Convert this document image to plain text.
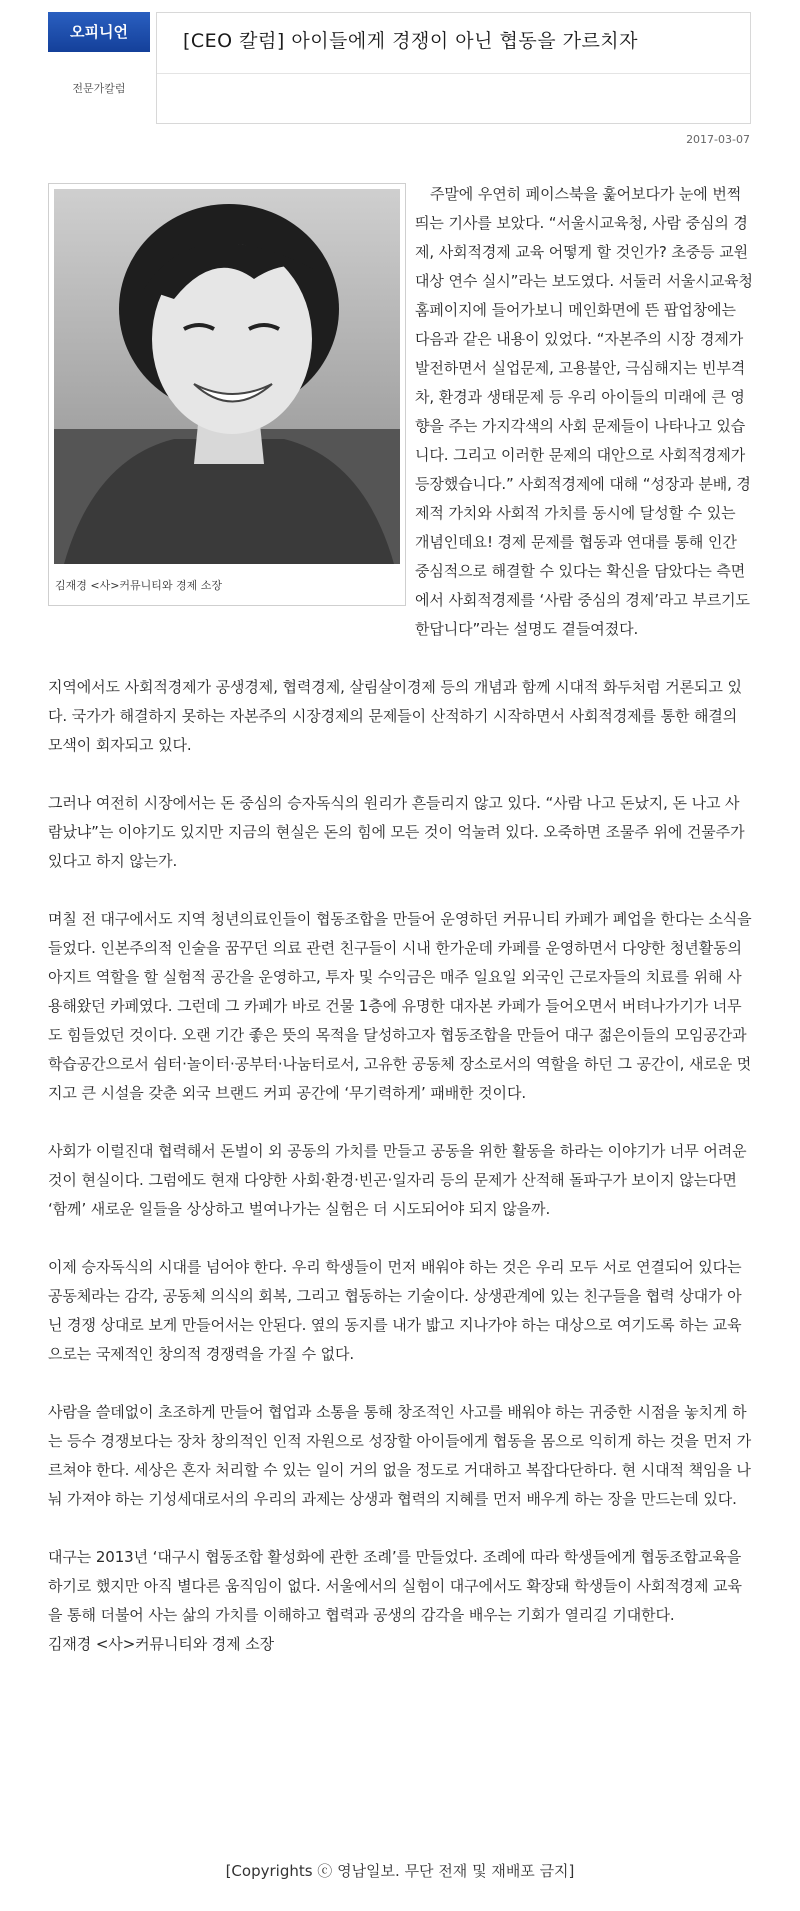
오피니언
전문가칼럼
[CEO 칼럼] 아이들에게 경쟁이 아닌 협동을 가르치자
2017-03-07
김재경 <사>커뮤니티와 경제 소장

주말에 우연히 페이스북을 훑어보다가 눈에 번쩍 띄는 기사를 보았다. “서울시교육청, 사람 중심의 경제, 사회적경제 교육 어떻게 할 것인가? 초중등 교원 대상 연수 실시”라는 보도였다. 서둘러 서울시교육청 홈페이지에 들어가보니 메인화면에 뜬 팝업창에는 다음과 같은 내용이 있었다. “자본주의 시장 경제가 발전하면서 실업문제, 고용불안, 극심해지는 빈부격차, 환경과 생태문제 등 우리 아이들의 미래에 큰 영향을 주는 가지각색의 사회 문제들이 나타나고 있습니다. 그리고 이러한 문제의 대안으로 사회적경제가 등장했습니다.” 사회적경제에 대해 “성장과 분배, 경제적 가치와 사회적 가치를 동시에 달성할 수 있는 개념인데요! 경제 문제를 협동과 연대를 통해 인간 중심적으로 해결할 수 있다는 확신을 담았다는 측면에서 사회적경제를 ‘사람 중심의 경제’라고 부르기도 한답니다”라는 설명도 곁들여졌다.

지역에서도 사회적경제가 공생경제, 협력경제, 살림살이경제 등의 개념과 함께 시대적 화두처럼 거론되고 있다. 국가가 해결하지 못하는 자본주의 시장경제의 문제들이 산적하기 시작하면서 사회적경제를 통한 해결의 모색이 회자되고 있다.

그러나 여전히 시장에서는 돈 중심의 승자독식의 원리가 흔들리지 않고 있다. “사람 나고 돈났지, 돈 나고 사람났냐”는 이야기도 있지만 지금의 현실은 돈의 힘에 모든 것이 억눌려 있다. 오죽하면 조물주 위에 건물주가 있다고 하지 않는가.

며칠 전 대구에서도 지역 청년의료인들이 협동조합을 만들어 운영하던 커뮤니티 카페가 폐업을 한다는 소식을 들었다. 인본주의적 인술을 꿈꾸던 의료 관련 친구들이 시내 한가운데 카페를 운영하면서 다양한 청년활동의 아지트 역할을 할 실험적 공간을 운영하고, 투자 및 수익금은 매주 일요일 외국인 근로자들의 치료를 위해 사용해왔던 카페였다. 그런데 그 카페가 바로 건물 1층에 유명한 대자본 카페가 들어오면서 버텨나가기가 너무도 힘들었던 것이다. 오랜 기간 좋은 뜻의 목적을 달성하고자 협동조합을 만들어 대구 젊은이들의 모임공간과 학습공간으로서 쉼터·놀이터·공부터·나눔터로서, 고유한 공동체 장소로서의 역할을 하던 그 공간이, 새로운 멋지고 큰 시설을 갖춘 외국 브랜드 커피 공간에 ‘무기력하게’ 패배한 것이다.

사회가 이럴진대 협력해서 돈벌이 외 공동의 가치를 만들고 공동을 위한 활동을 하라는 이야기가 너무 어려운 것이 현실이다. 그럼에도 현재 다양한 사회·환경·빈곤·일자리 등의 문제가 산적해 돌파구가 보이지 않는다면 ‘함께’ 새로운 일들을 상상하고 벌여나가는 실험은 더 시도되어야 되지 않을까.

이제 승자독식의 시대를 넘어야 한다. 우리 학생들이 먼저 배워야 하는 것은 우리 모두 서로 연결되어 있다는 공동체라는 감각, 공동체 의식의 회복, 그리고 협동하는 기술이다. 상생관계에 있는 친구들을 협력 상대가 아닌 경쟁 상대로 보게 만들어서는 안된다. 옆의 동지를 내가 밟고 지나가야 하는 대상으로 여기도록 하는 교육으로는 국제적인 창의적 경쟁력을 가질 수 없다.

사람을 쓸데없이 초조하게 만들어 협업과 소통을 통해 창조적인 사고를 배워야 하는 귀중한 시점을 놓치게 하는 등수 경쟁보다는 장차 창의적인 인적 자원으로 성장할 아이들에게 협동을 몸으로 익히게 하는 것을 먼저 가르쳐야 한다. 세상은 혼자 처리할 수 있는 일이 거의 없을 정도로 거대하고 복잡다단하다. 현 시대적 책임을 나눠 가져야 하는 기성세대로서의 우리의 과제는 상생과 협력의 지혜를 먼저 배우게 하는 장을 만드는데 있다.

대구는 2013년 ‘대구시 협동조합 활성화에 관한 조례’를 만들었다. 조례에 따라 학생들에게 협동조합교육을 하기로 했지만 아직 별다른 움직임이 없다. 서울에서의 실험이 대구에서도 확장돼 학생들이 사회적경제 교육을 통해 더불어 사는 삶의 가치를 이해하고 협력과 공생의 감각을 배우는 기회가 열리길 기대한다.

김재경 <사>커뮤니티와 경제 소장
[Copyrights ⓒ 영남일보. 무단 전재 및 재배포 금지]
